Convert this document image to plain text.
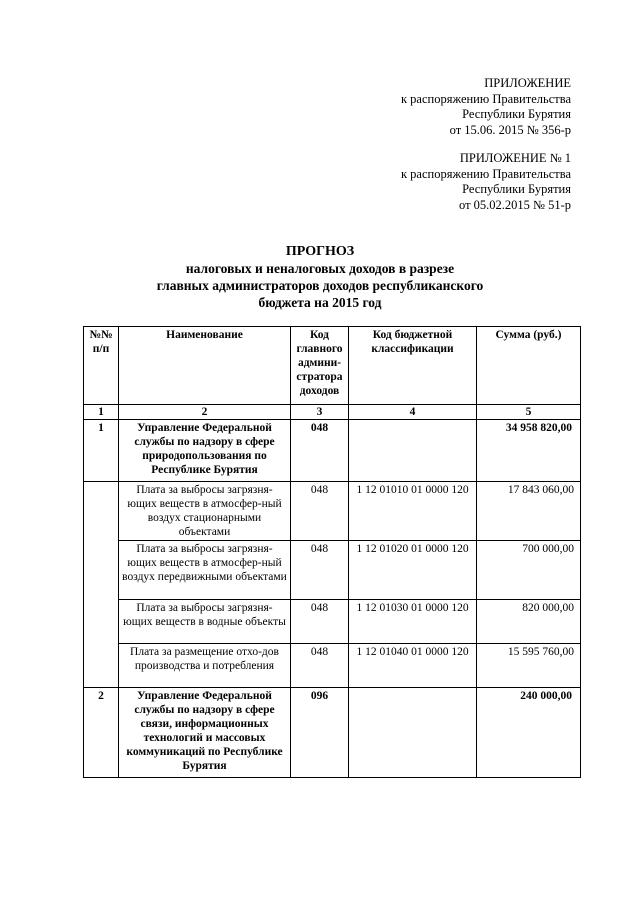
ПРИЛОЖЕНИЕ
к распоряжению Правительства
Республики Бурятия
от 15.06. 2015 № 356-р
ПРИЛОЖЕНИЕ № 1
к распоряжению Правительства
Республики Бурятия
от 05.02.2015 № 51-р
ПРОГНОЗ
налоговых и неналоговых доходов в разрезе
главных администраторов доходов республиканского
бюджета на 2015 год
№№ п/п	Наименование	Код главного админи-стратора доходов	Код бюджетной классификации	Сумма (руб.)
1	2	3	4	5
1	Управление Федеральной службы по надзору в сфере природопользования по Республике Бурятия	048		34 958 820,00
	Плата за выбросы загрязня-ющих веществ в атмосфер-ный воздух стационарными объектами	048	1 12 01010 01 0000 120	17 843 060,00
	Плата за выбросы загрязня-ющих веществ в атмосфер-ный воздух передвижными объектами	048	1 12 01020 01 0000 120	700 000,00
	Плата за выбросы загрязня-ющих веществ в водные объекты	048	1 12 01030 01 0000 120	820 000,00
	Плата за размещение отхо-дов производства и потребления	048	1 12 01040 01 0000 120	15 595 760,00
2	Управление Федеральной службы по надзору в сфере связи, информационных технологий и массовых коммуникаций по Республике Бурятия	096		240 000,00
